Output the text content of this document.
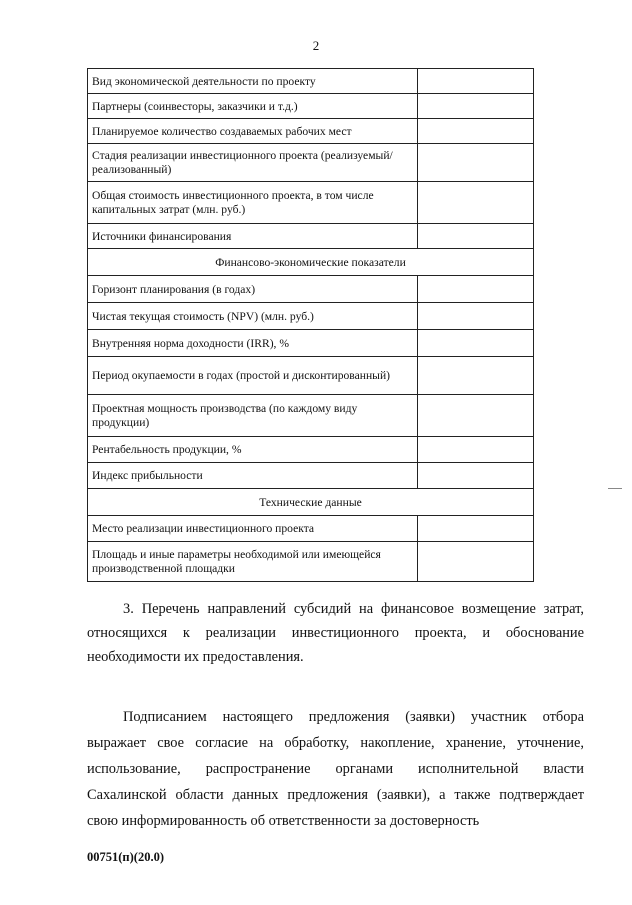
2
Вид экономической деятельности по проекту	
Партнеры (соинвесторы, заказчики и т.д.)	
Планируемое количество создаваемых рабочих мест	
Стадия реализации инвестиционного проекта (реализуемый/реализованный)	
Общая стоимость инвестиционного проекта, в том числе капитальных затрат (млн. руб.)	
Источники финансирования	
Финансово-экономические показатели	
Горизонт планирования (в годах)	
Чистая текущая стоимость (NPV) (млн. руб.)	
Внутренняя норма доходности (IRR), %	
Период окупаемости в годах (простой и дисконтированный)	
Проектная мощность производства (по каждому виду продукции)	
Рентабельность продукции, %	
Индекс прибыльности	
Технические данные	
Место реализации инвестиционного проекта	
Площадь и иные параметры необходимой или имеющейся производственной площадки	
3. Перечень направлений субсидий на финансовое возмещение затрат,
относящихся к реализации инвестиционного проекта, и обоснование
необходимости их предоставления.
Подписанием настоящего предложения (заявки) участник отбора
выражает свое согласие на обработку, накопление, хранение, уточнение,
использование, распространение органами исполнительной власти
Сахалинской области данных предложения (заявки), а также подтверждает
свою информированность об ответственности за достоверность
00751(п)(20.0)
